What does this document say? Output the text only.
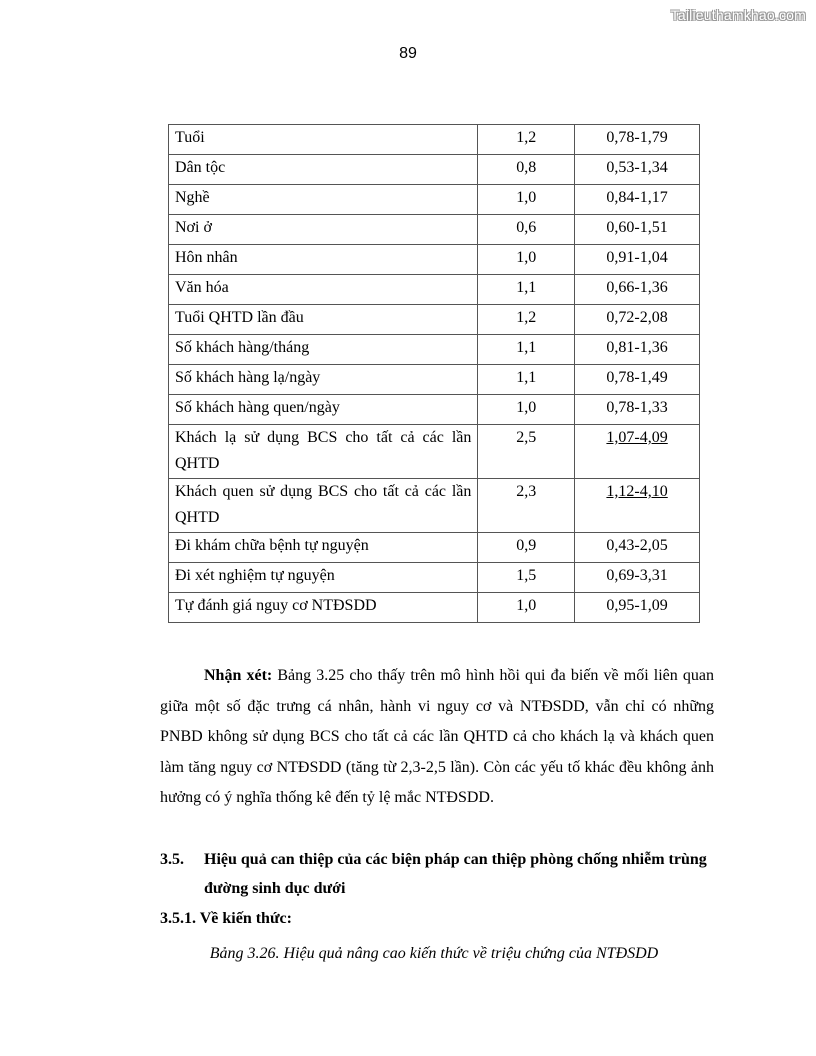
Tailieuthamkhao.com
89
Tuổi	1,2	0,78-1,79
Dân tộc	0,8	0,53-1,34
Nghề	1,0	0,84-1,17
Nơi ở	0,6	0,60-1,51
Hôn nhân	1,0	0,91-1,04
Văn hóa	1,1	0,66-1,36
Tuổi QHTD lần đầu	1,2	0,72-2,08
Số khách hàng/tháng	1,1	0,81-1,36
Số khách hàng lạ/ngày	1,1	0,78-1,49
Số khách hàng quen/ngày	1,0	0,78-1,33
Khách lạ sử dụng BCS cho tất cả các lần QHTD	2,5	1,07-4,09
Khách quen sử dụng BCS cho tất cả các lần QHTD	2,3	1,12-4,10
Đi khám chữa bệnh tự nguyện	0,9	0,43-2,05
Đi xét nghiệm tự nguyện	1,5	0,69-3,31
Tự đánh giá nguy cơ NTĐSDD	1,0	0,95-1,09

Nhận xét: Bảng 3.25 cho thấy trên mô hình hồi qui đa biến về mối liên quan giữa một số đặc trưng cá nhân, hành vi nguy cơ và NTĐSDD, vẫn chỉ có những PNBD không sử dụng BCS cho tất cả các lần QHTD cả cho khách lạ và khách quen làm tăng nguy cơ NTĐSDD (tăng từ 2,3-2,5 lần). Còn các yếu tố khác đều không ảnh hưởng có ý nghĩa thống kê đến tỷ lệ mắc NTĐSDD.

3.5. Hiệu quả can thiệp của các biện pháp can thiệp phòng chống nhiễm trùng đường sinh dục dưới
3.5.1. Về kiến thức:
Bảng 3.26. Hiệu quả nâng cao kiến thức về triệu chứng của NTĐSDD
